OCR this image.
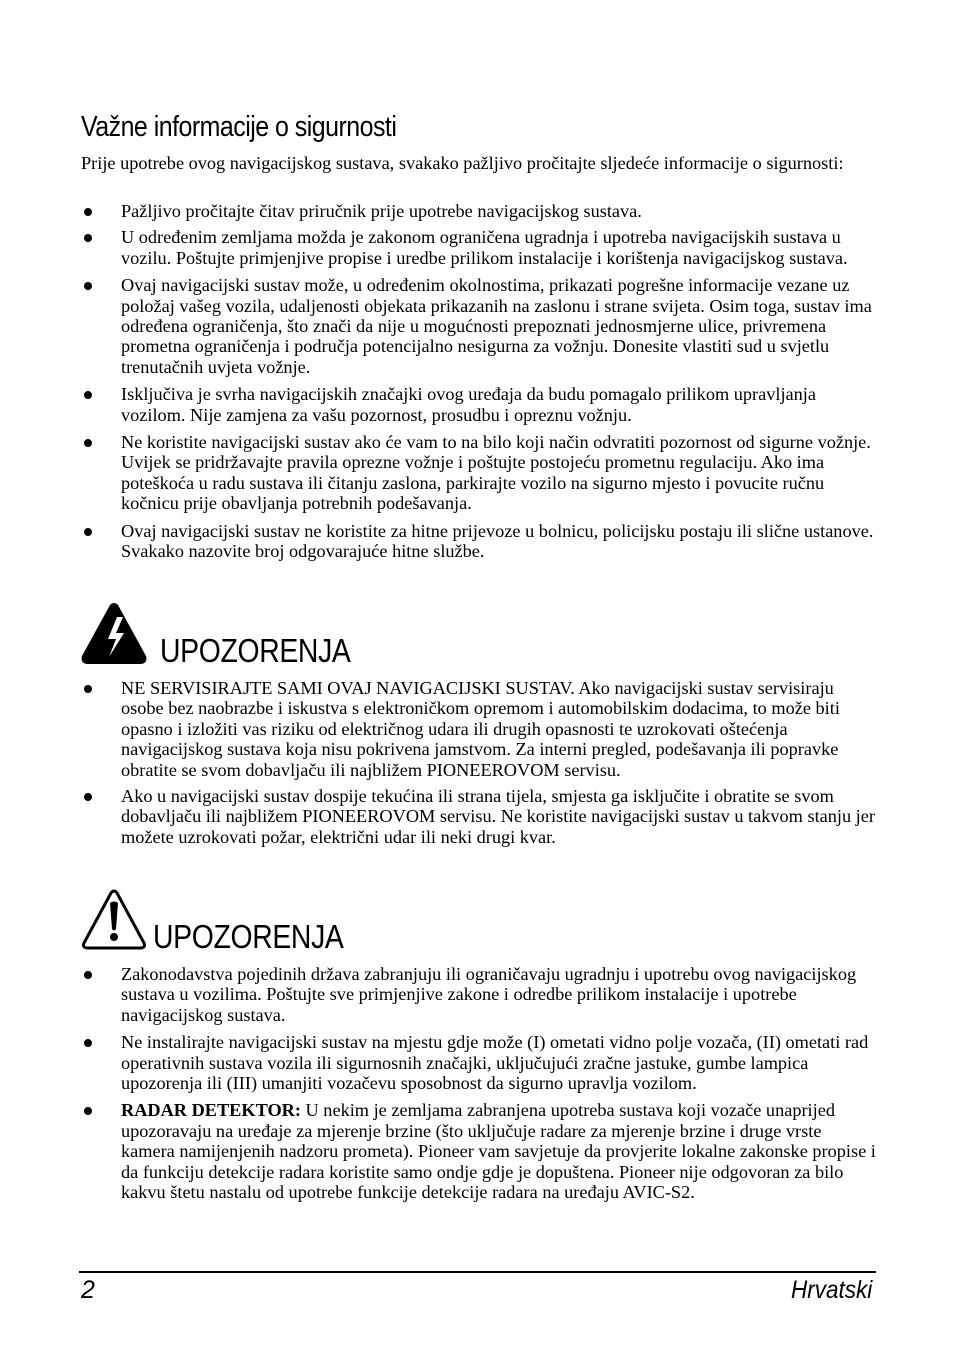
Važne informacije o sigurnosti
Prije upotrebe ovog navigacijskog sustava, svakako pažljivo pročitajte sljedeće informacije o sigurnosti:
Pažljivo pročitajte čitav priručnik prije upotrebe navigacijskog sustava.
U određenim zemljama možda je zakonom ograničena ugradnja i upotreba navigacijskih sustava u vozilu. Poštujte primjenjive propise i uredbe prilikom instalacije i korištenja navigacijskog sustava.
Ovaj navigacijski sustav može, u određenim okolnostima, prikazati pogrešne informacije vezane uz položaj vašeg vozila, udaljenosti objekata prikazanih na zaslonu i strane svijeta. Osim toga, sustav ima određena ograničenja, što znači da nije u mogućnosti prepoznati jednosmjerne ulice, privremena prometna ograničenja i područja potencijalno nesigurna za vožnju. Donesite vlastiti sud u svjetlu trenutačnih uvjeta vožnje.
Isključiva je svrha navigacijskih značajki ovog uređaja da budu pomagalo prilikom upravljanja vozilom. Nije zamjena za vašu pozornost, prosudbu i opreznu vožnju.
Ne koristite navigacijski sustav ako će vam to na bilo koji način odvratiti pozornost od sigurne vožnje. Uvijek se pridržavajte pravila oprezne vožnje i poštujte postojeću prometnu regulaciju. Ako ima poteškoća u radu sustava ili čitanju zaslona, parkirajte vozilo na sigurno mjesto i povucite ručnu kočnicu prije obavljanja potrebnih podešavanja.
Ovaj navigacijski sustav ne koristite za hitne prijevoze u bolnicu, policijsku postaju ili slične ustanove. Svakako nazovite broj odgovarajuće hitne službe.
UPOZORENJA
NE SERVISIRAJTE SAMI OVAJ NAVIGACIJSKI SUSTAV. Ako navigacijski sustav servisiraju osobe bez naobrazbe i iskustva s elektroničkom opremom i automobilskim dodacima, to može biti opasno i izložiti vas riziku od električnog udara ili drugih opasnosti te uzrokovati oštećenja navigacijskog sustava koja nisu pokrivena jamstvom. Za interni pregled, podešavanja ili popravke obratite se svom dobavljaču ili najbližem PIONEEROVOM servisu.
Ako u navigacijski sustav dospije tekućina ili strana tijela, smjesta ga isključite i obratite se svom dobavljaču ili najbližem PIONEEROVOM servisu. Ne koristite navigacijski sustav u takvom stanju jer možete uzrokovati požar, električni udar ili neki drugi kvar.
UPOZORENJA
Zakonodavstva pojedinih država zabranjuju ili ograničavaju ugradnju i upotrebu ovog navigacijskog sustava u vozilima. Poštujte sve primjenjive zakone i odredbe prilikom instalacije i upotrebe navigacijskog sustava.
Ne instalirajte navigacijski sustav na mjestu gdje može (I) ometati vidno polje vozača, (II) ometati rad operativnih sustava vozila ili sigurnosnih značajki, uključujući zračne jastuke, gumbe lampica upozorenja ili (III) umanjiti vozačevu sposobnost da sigurno upravlja vozilom.
RADAR DETEKTOR: U nekim je zemljama zabranjena upotreba sustava koji vozače unaprijed upozoravaju na uređaje za mjerenje brzine (što uključuje radare za mjerenje brzine i druge vrste kamera namijenjenih nadzoru prometa). Pioneer vam savjetuje da provjerite lokalne zakonske propise i da funkciju detekcije radara koristite samo ondje gdje je dopuštena. Pioneer nije odgovoran za bilo kakvu štetu nastalu od upotrebe funkcije detekcije radara na uređaju AVIC-S2.
2	Hrvatski
